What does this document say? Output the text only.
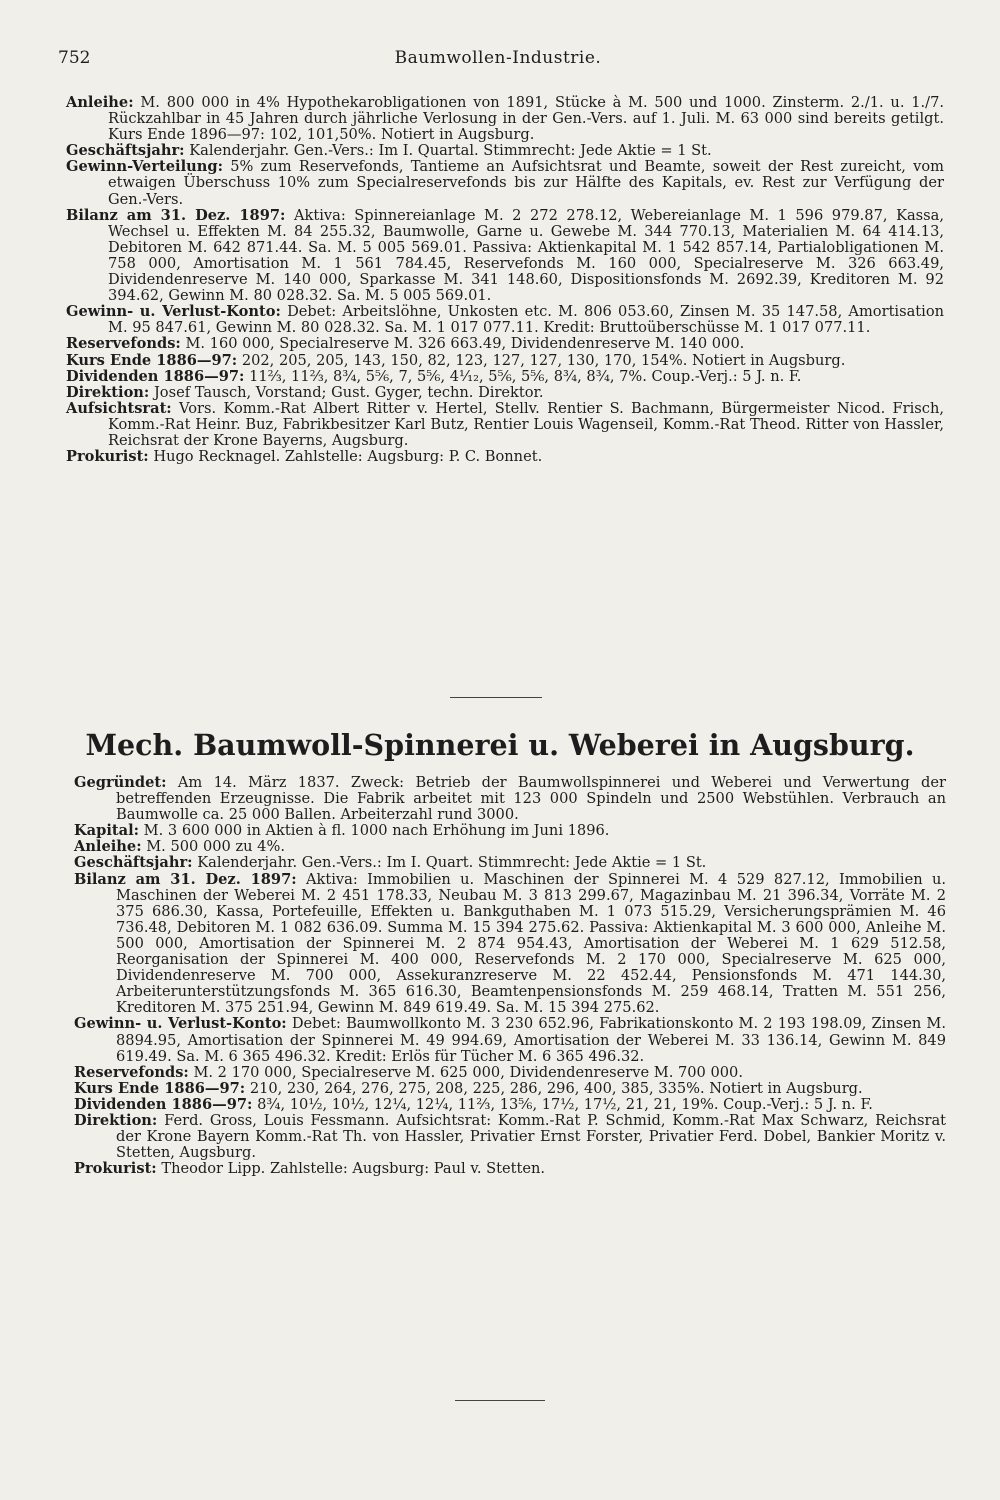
752	Baumwollen-Industrie.
Anleihe: M. 800 000 in 4% Hypothekarobligationen von 1891, Stücke à M. 500 und 1000. Zinsterm. 2./1. u. 1./7. Rückzahlbar in 45 Jahren durch jährliche Verlosung in der Gen.-Vers. auf 1. Juli. M. 63 000 sind bereits getilgt. Kurs Ende 1896—97: 102, 101,50%. Notiert in Augsburg.
Geschäftsjahr: Kalenderjahr. Gen.-Vers.: Im I. Quartal. Stimmrecht: Jede Aktie = 1 St.
Gewinn-Verteilung: 5% zum Reservefonds, Tantieme an Aufsichtsrat und Beamte, soweit der Rest zureicht, vom etwaigen Überschuss 10% zum Specialreservefonds bis zur Hälfte des Kapitals, ev. Rest zur Verfügung der Gen.-Vers.
Bilanz am 31. Dez. 1897: Aktiva: Spinnereianlage M. 2 272 278.12, Webereianlage M. 1 596 979.87, Kassa, Wechsel u. Effekten M. 84 255.32, Baumwolle, Garne u. Gewebe M. 344 770.13, Materialien M. 64 414.13, Debitoren M. 642 871.44. Sa. M. 5 005 569.01. Passiva: Aktienkapital M. 1 542 857.14, Partialobligationen M. 758 000, Amortisation M. 1 561 784.45, Reservefonds M. 160 000, Specialreserve M. 326 663.49, Dividendenreserve M. 140 000, Sparkasse M. 341 148.60, Dispositionsfonds M. 2692.39, Kreditoren M. 92 394.62, Gewinn M. 80 028.32. Sa. M. 5 005 569.01.
Gewinn- u. Verlust-Konto: Debet: Arbeitslöhne, Unkosten etc. M. 806 053.60, Zinsen M. 35 147.58, Amortisation M. 95 847.61, Gewinn M. 80 028.32. Sa. M. 1 017 077.11. Kredit: Bruttoüberschüsse M. 1 017 077.11.
Reservefonds: M. 160 000, Specialreserve M. 326 663.49, Dividendenreserve M. 140 000.
Kurs Ende 1886—97: 202, 205, 205, 143, 150, 82, 123, 127, 127, 130, 170, 154%. Notiert in Augsburg.
Dividenden 1886—97: 11⅔, 11⅔, 8¾, 5⅚, 7, 5⅚, 4⅟₁₂, 5⅚, 5⅚, 8¾, 8¾, 7%. Coup.-Verj.: 5 J. n. F.
Direktion: Josef Tausch, Vorstand; Gust. Gyger, techn. Direktor.
Aufsichtsrat: Vors. Komm.-Rat Albert Ritter v. Hertel, Stellv. Rentier S. Bachmann, Bürgermeister Nicod. Frisch, Komm.-Rat Heinr. Buz, Fabrikbesitzer Karl Butz, Rentier Louis Wagenseil, Komm.-Rat Theod. Ritter von Hassler, Reichsrat der Krone Bayerns, Augsburg.
Prokurist: Hugo Recknagel. Zahlstelle: Augsburg: P. C. Bonnet.
Mech. Baumwoll-Spinnerei u. Weberei in Augsburg.
Gegründet: Am 14. März 1837. Zweck: Betrieb der Baumwollspinnerei und Weberei und Verwertung der betreffenden Erzeugnisse. Die Fabrik arbeitet mit 123 000 Spindeln und 2500 Webstühlen. Verbrauch an Baumwolle ca. 25 000 Ballen. Arbeiterzahl rund 3000.
Kapital: M. 3 600 000 in Aktien à fl. 1000 nach Erhöhung im Juni 1896.
Anleihe: M. 500 000 zu 4%.
Geschäftsjahr: Kalenderjahr. Gen.-Vers.: Im I. Quart. Stimmrecht: Jede Aktie = 1 St.
Bilanz am 31. Dez. 1897: Aktiva: Immobilien u. Maschinen der Spinnerei M. 4 529 827.12, Immobilien u. Maschinen der Weberei M. 2 451 178.33, Neubau M. 3 813 299.67, Magazinbau M. 21 396.34, Vorräte M. 2 375 686.30, Kassa, Portefeuille, Effekten u. Bankguthaben M. 1 073 515.29, Versicherungsprämien M. 46 736.48, Debitoren M. 1 082 636.09. Summa M. 15 394 275.62. Passiva: Aktienkapital M. 3 600 000, Anleihe M. 500 000, Amortisation der Spinnerei M. 2 874 954.43, Amortisation der Weberei M. 1 629 512.58, Reorganisation der Spinnerei M. 400 000, Reservefonds M. 2 170 000, Specialreserve M. 625 000, Dividendenreserve M. 700 000, Assekuranzreserve M. 22 452.44, Pensionsfonds M. 471 144.30, Arbeiterunterstützungsfonds M. 365 616.30, Beamtenpensionsfonds M. 259 468.14, Tratten M. 551 256, Kreditoren M. 375 251.94, Gewinn M. 849 619.49. Sa. M. 15 394 275.62.
Gewinn- u. Verlust-Konto: Debet: Baumwollkonto M. 3 230 652.96, Fabrikationskonto M. 2 193 198.09, Zinsen M. 8894.95, Amortisation der Spinnerei M. 49 994.69, Amortisation der Weberei M. 33 136.14, Gewinn M. 849 619.49. Sa. M. 6 365 496.32. Kredit: Erlös für Tücher M. 6 365 496.32.
Reservefonds: M. 2 170 000, Specialreserve M. 625 000, Dividendenreserve M. 700 000.
Kurs Ende 1886—97: 210, 230, 264, 276, 275, 208, 225, 286, 296, 400, 385, 335%. Notiert in Augsburg.
Dividenden 1886—97: 8¾, 10½, 10½, 12¼, 12¼, 11⅔, 13⅚, 17½, 17½, 21, 21, 19%. Coup.-Verj.: 5 J. n. F.
Direktion: Ferd. Gross, Louis Fessmann. Aufsichtsrat: Komm.-Rat P. Schmid, Komm.-Rat Max Schwarz, Reichsrat der Krone Bayern Komm.-Rat Th. von Hassler, Privatier Ernst Forster, Privatier Ferd. Dobel, Bankier Moritz v. Stetten, Augsburg.
Prokurist: Theodor Lipp. Zahlstelle: Augsburg: Paul v. Stetten.
